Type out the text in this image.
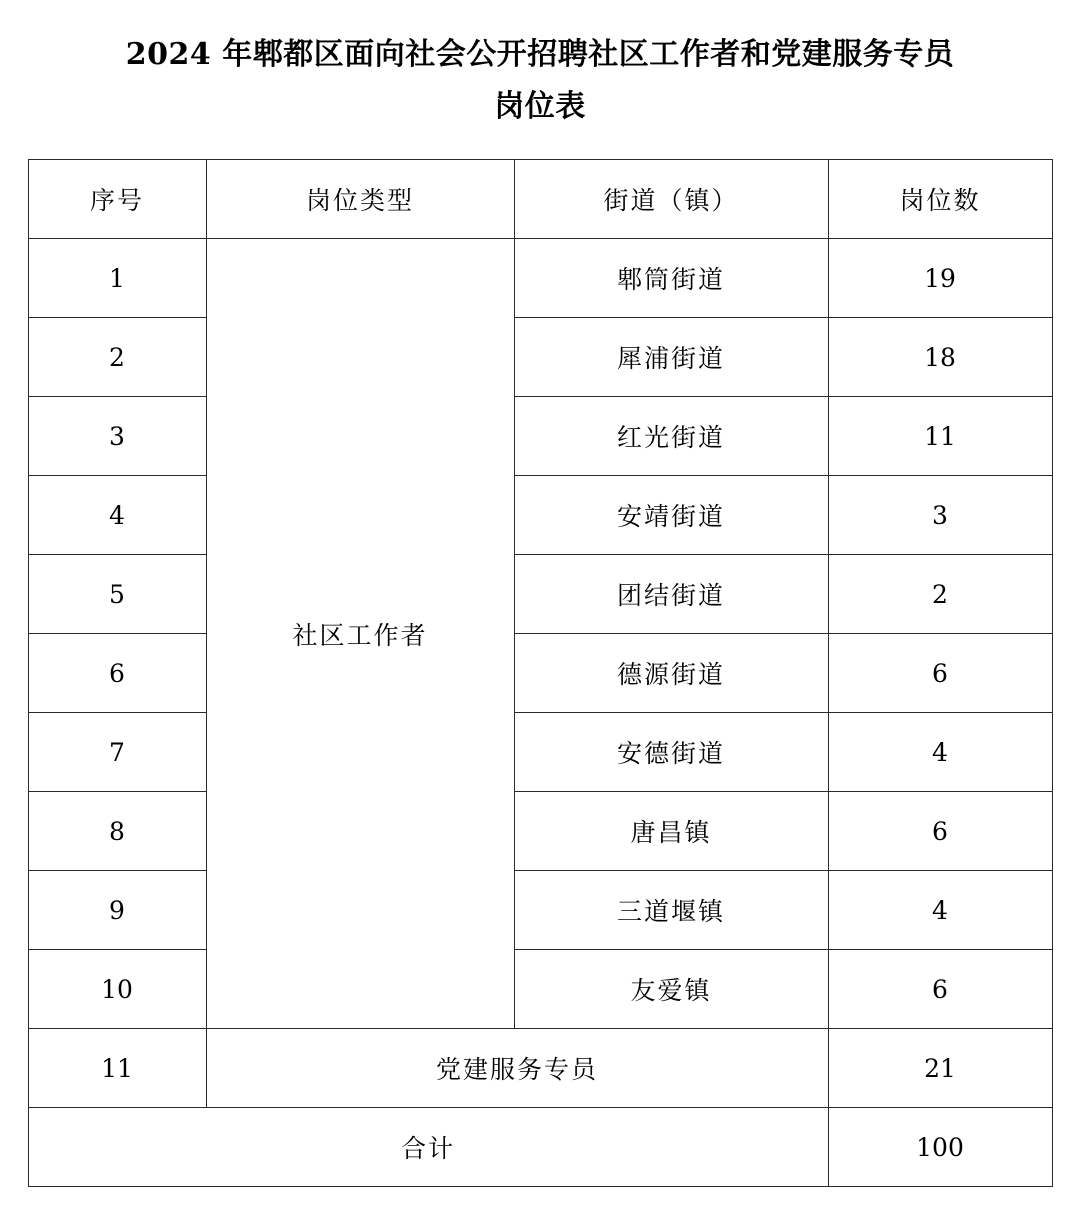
2024 年郫都区面向社会公开招聘社区工作者和党建服务专员
岗位表
序号	岗位类型	街道（镇）	岗位数
1	社区工作者	郫筒街道	19
2		犀浦街道	18
3		红光街道	11
4		安靖街道	3
5		团结街道	2
6		德源街道	6
7		安德街道	4
8		唐昌镇	6
9		三道堰镇	4
10		友爱镇	6
11	党建服务专员		21
合计			100
